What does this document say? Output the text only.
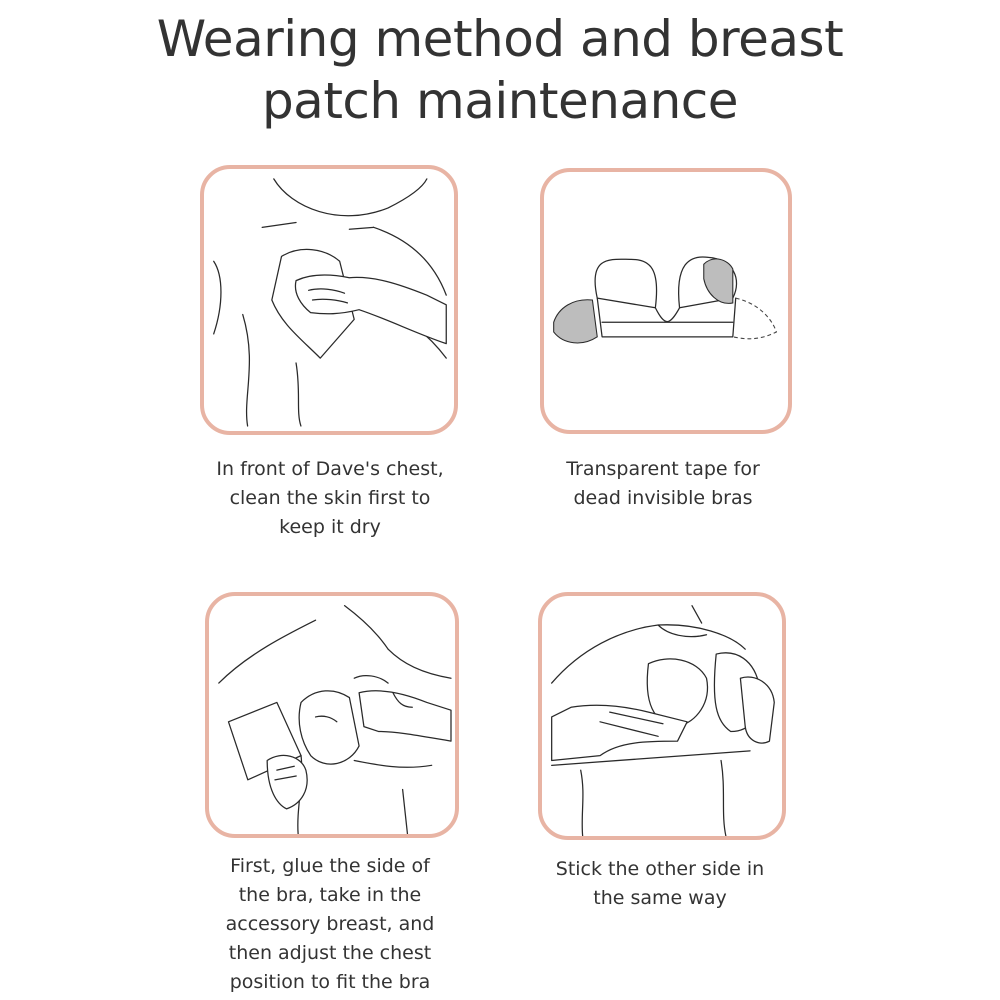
Wearing method and breast
patch maintenance
In front of Dave's chest,
clean the skin first to
keep it dry
Transparent tape for
dead invisible bras
First, glue the side of
the bra, take in the
accessory breast, and
then adjust the chest
position to fit the bra
Stick the other side in
the same way
